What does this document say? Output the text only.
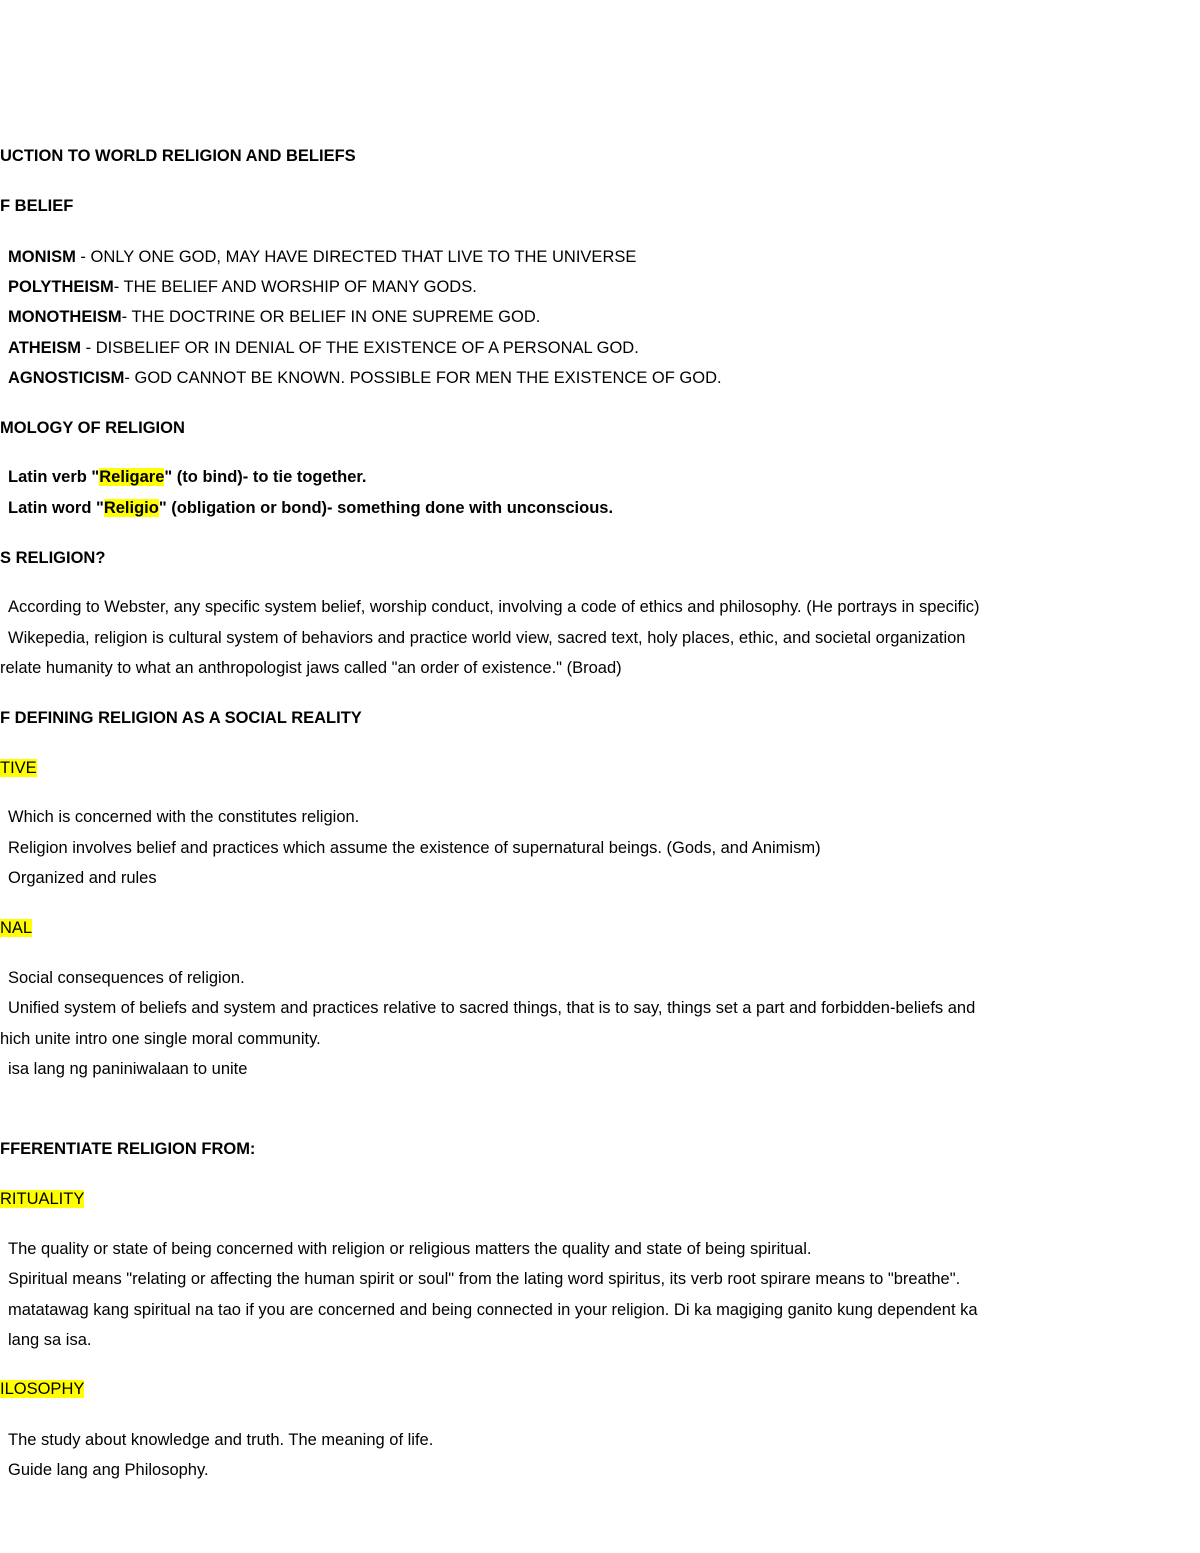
UCTION TO WORLD RELIGION AND BELIEFS
F BELIEF
MONISM - ONLY ONE GOD, MAY HAVE DIRECTED THAT LIVE TO THE UNIVERSE
POLYTHEISM- THE BELIEF AND WORSHIP OF MANY GODS.
MONOTHEISM- THE DOCTRINE OR BELIEF IN ONE SUPREME GOD.
ATHEISM - DISBELIEF OR IN DENIAL OF THE EXISTENCE OF A PERSONAL GOD.
AGNOSTICISM- GOD CANNOT BE KNOWN. POSSIBLE FOR MEN THE EXISTENCE OF GOD.
MOLOGY OF RELIGION
Latin verb "Religare" (to bind)- to tie together.
Latin word "Religio" (obligation or bond)- something done with unconscious.
S RELIGION?
According to Webster, any specific system belief, worship conduct, involving a code of ethics and philosophy. (He portrays in specific)
Wikepedia, religion is cultural system of behaviors and practice world view, sacred text, holy places, ethic, and societal organization
relate humanity to what an anthropologist jaws called "an order of existence." (Broad)
F DEFINING RELIGION AS A SOCIAL REALITY
TIVE
Which is concerned with the constitutes religion.
Religion involves belief and practices which assume the existence of supernatural beings. (Gods, and Animism)
Organized and rules
NAL
Social consequences of religion.
Unified system of beliefs and system and practices relative to sacred things, that is to say, things set a part and forbidden-beliefs and
hich unite intro one single moral community.
isa lang ng paniniwalaan to unite
FFERENTIATE RELIGION FROM:
RITUALITY
The quality or state of being concerned with religion or religious matters the quality and state of being spiritual.
Spiritual means "relating or affecting the human spirit or soul" from the lating word spiritus, its verb root spirare means to "breathe".
matatawag kang spiritual na tao if you are concerned and being connected in your religion. Di ka magiging ganito kung dependent ka
lang sa isa.
ILOSOPHY
The study about knowledge and truth. The meaning of life.
Guide lang ang Philosophy.
